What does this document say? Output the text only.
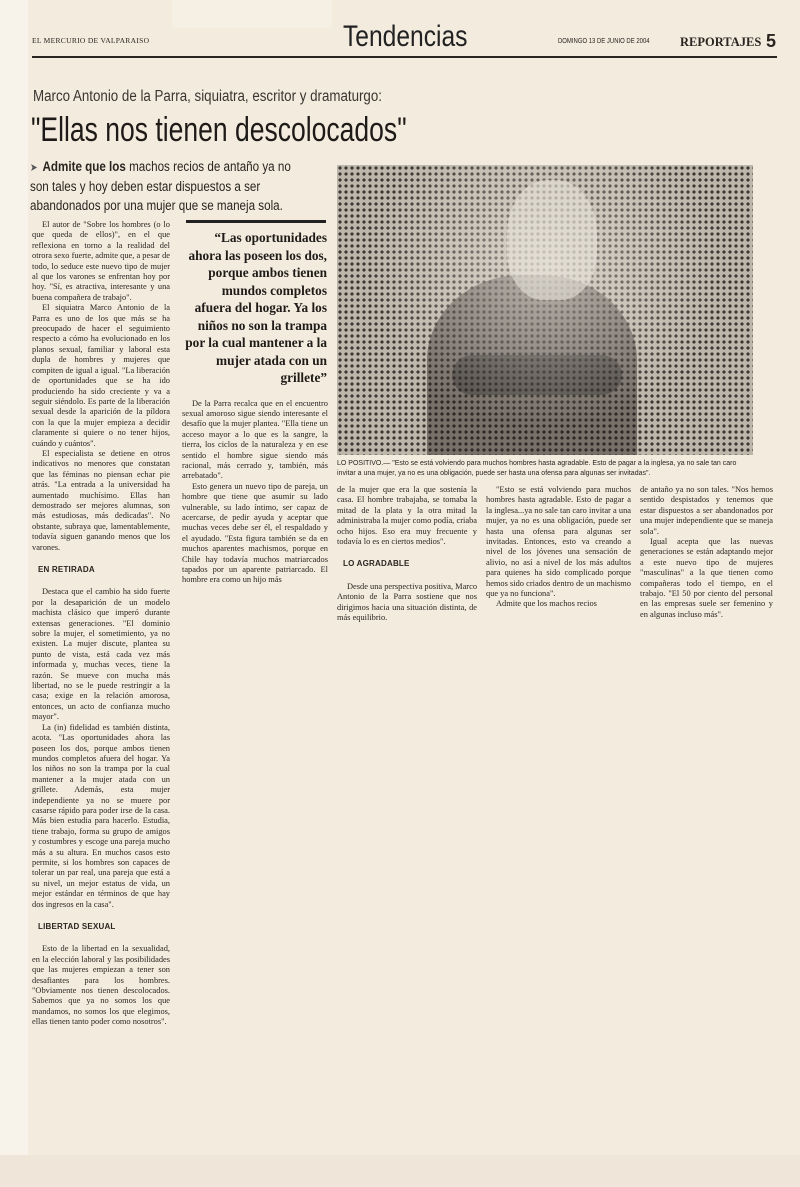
EL MERCURIO DE VALPARAISO	Tendencias	DOMINGO 13 DE JUNIO DE 2004 REPORTAJES 5
Marco Antonio de la Parra, siquiatra, escritor y dramaturgo:
"Ellas nos tienen descolocados"
➤ Admite que los machos recios de antaño ya no son tales y hoy deben estar dispuestos a ser abandonados por una mujer que se maneja sola.

El autor de "Sobre los hombres (o lo que queda de ellos)", en el que reflexiona en torno a la realidad del otrora sexo fuerte, admite que, a pesar de todo, lo seduce este nuevo tipo de mujer al que los varones se enfrentan hoy por hoy. "Sí, es atractiva, interesante y una buena compañera de trabajo".

El siquiatra Marco Antonio de la Parra es uno de los que más se ha preocupado de hacer el seguimiento respecto a cómo ha evolucionado en los planos sexual, familiar y laboral esta dupla de hombres y mujeres que compiten de igual a igual. "La liberación de oportunidades que se ha ido produciendo ha sido creciente y va a seguir siéndolo. Es parte de la liberación sexual desde la aparición de la píldora con la que la mujer empieza a decidir claramente si quiere o no tener hijos, cuándo y cuántos".

El especialista se detiene en otros indicativos no menores que constatan que las féminas no piensan echar pie atrás. "La entrada a la universidad ha aumentado muchísimo. Ellas han demostrado ser mejores alumnas, son más estudiosas, más dedicadas". No obstante, subraya que, lamentablemente, todavía siguen ganando menos que los varones.

EN RETIRADA

Destaca que el cambio ha sido fuerte por la desaparición de un modelo machista clásico que imperó durante extensas generaciones. "El dominio sobre la mujer, el sometimiento, ya no existen. La mujer discute, plantea su punto de vista, está cada vez más informada y, muchas veces, tiene la razón. Se mueve con mucha más libertad, no se le puede restringir a la casa; exige en la relación amorosa, entonces, un acto de confianza mucho mayor".

La (in) fidelidad es también distinta, acota. "Las oportunidades ahora las poseen los dos, porque ambos tienen mundos completos afuera del hogar. Ya los niños no son la trampa por la cual mantener a la mujer atada con un grillete. Además, esta mujer independiente ya no se muere por casarse rápido para poder irse de la casa. Más bien estudia para hacerlo. Estudia, tiene trabajo, forma su grupo de amigos y costumbres y escoge una pareja mucho más a su altura. En muchos casos esto permite, si los hombres son capaces de tolerar un par real, una pareja que está a su nivel, un mejor estatus de vida, un mejor estándar en términos de que hay dos ingresos en la casa".

LIBERTAD SEXUAL

Esto de la libertad en la sexualidad, en la elección laboral y las posibilidades que las mujeres empiezan a tener son desafiantes para los hombres. "Obviamente nos tienen descolocados. Sabemos que ya no somos los que mandamos, no somos los que elegimos, ellas tienen tanto poder como nosotros".

“Las oportunidades ahora las poseen los dos, porque ambos tienen mundos completos afuera del hogar. Ya los niños no son la trampa por la cual mantener a la mujer atada con un grillete”

De la Parra recalca que en el encuentro sexual amoroso sigue siendo interesante el desafío que la mujer plantea. "Ella tiene un acceso mayor a lo que es la sangre, la tierra, los ciclos de la naturaleza y en ese sentido el hombre sigue siendo más racional, más cerrado y, también, más arrebatado".

Esto genera un nuevo tipo de pareja, un hombre que tiene que asumir su lado vulnerable, su lado íntimo, ser capaz de acercarse, de pedir ayuda y aceptar que muchas veces debe ser él, el respaldado y el ayudado. "Esta figura también se da en muchos aparentes machismos, porque en Chile hay todavía muchos matriarcados tapados por un aparente patriarcado. El hombre era como un hijo más

LO POSITIVO.— "Esto se está volviendo para muchos hombres hasta agradable. Esto de pagar a la inglesa, ya no sale tan caro invitar a una mujer, ya no es una obligación, puede ser hasta una ofensa para algunas ser invitadas".

de la mujer que era la que sostenía la casa. El hombre trabajaba, se tomaba la mitad de la plata y la otra mitad la administraba la mujer como podía, criaba ocho hijos. Eso era muy frecuente y todavía lo es en ciertos medios".

LO AGRADABLE

Desde una perspectiva positiva, Marco Antonio de la Parra sostiene que nos dirigimos hacia una situación distinta, de más equilibrio.

"Esto se está volviendo para muchos hombres hasta agradable. Esto de pagar a la inglesa...ya no sale tan caro invitar a una mujer, ya no es una obligación, puede ser hasta una ofensa para algunas ser invitadas. Entonces, esto va creando a nivel de los jóvenes una sensación de alivio, no así a nivel de los más adultos para quienes ha sido complicado porque hemos sido criados dentro de un machismo que ya no funciona".

Admite que los machos recios

de antaño ya no son tales. "Nos hemos sentido despistados y tenemos que estar dispuestos a ser abandonados por una mujer independiente que se maneja sola".

Igual acepta que las nuevas generaciones se están adaptando mejor a este nuevo tipo de mujeres "masculinas" a la que tienen como compañeras todo el tiempo, en el trabajo. "El 50 por ciento del personal en las empresas suele ser femenino y en algunas incluso más".
